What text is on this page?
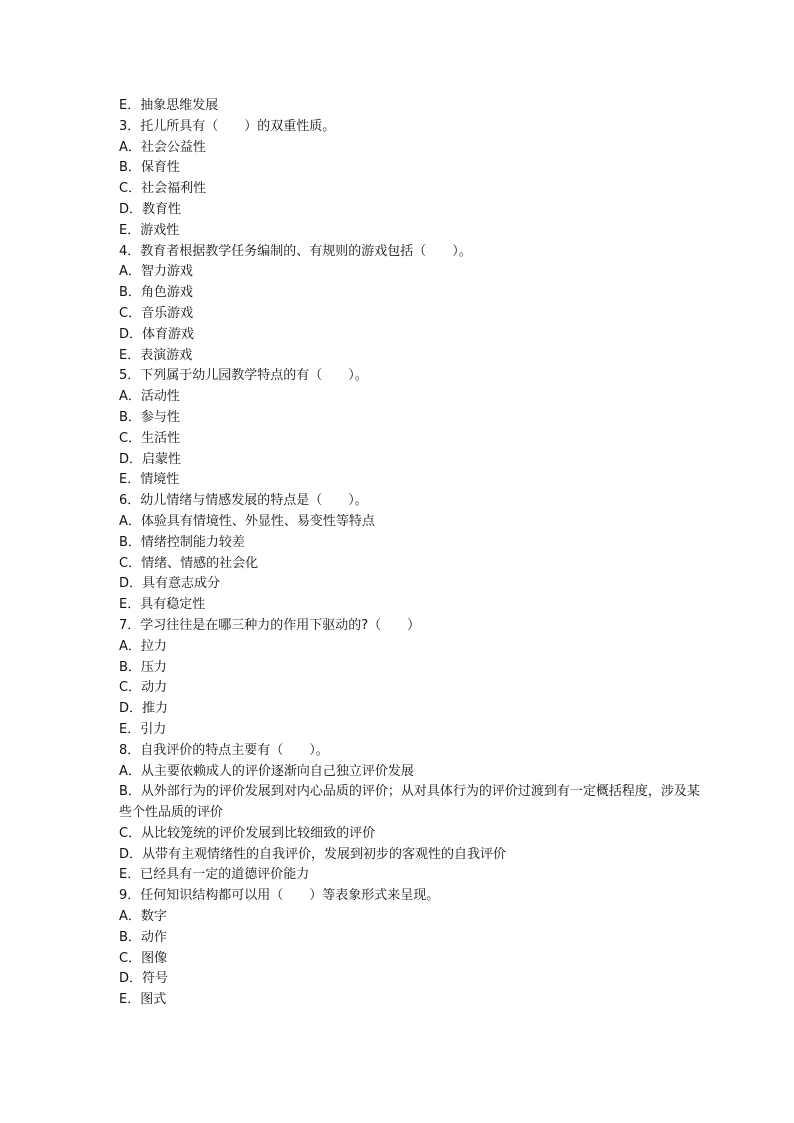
E．抽象思维发展
3．托儿所具有（　　）的双重性质。
A．社会公益性
B．保育性
C．社会福利性
D．教育性
E．游戏性
4．教育者根据教学任务编制的、有规则的游戏包括（　　）。
A．智力游戏
B．角色游戏
C．音乐游戏
D．体育游戏
E．表演游戏
5．下列属于幼儿园教学特点的有（　　）。
A．活动性
B．参与性
C．生活性
D．启蒙性
E．情境性
6．幼儿情绪与情感发展的特点是（　　）。
A．体验具有情境性、外显性、易变性等特点
B．情绪控制能力较差
C．情绪、情感的社会化
D．具有意志成分
E．具有稳定性
7．学习往往是在哪三种力的作用下驱动的?（　　）
A．拉力
B．压力
C．动力
D．推力
E．引力
8．自我评价的特点主要有（　　）。
A．从主要依赖成人的评价逐渐向自己独立评价发展
B．从外部行为的评价发展到对内心品质的评价；从对具体行为的评价过渡到有一定概括程度，涉及某些个性品质的评价
C．从比较笼统的评价发展到比较细致的评价
D．从带有主观情绪性的自我评价，发展到初步的客观性的自我评价
E．已经具有一定的道德评价能力
9．任何知识结构都可以用（　　）等表象形式来呈现。
A．数字
B．动作
C．图像
D．符号
E．图式
